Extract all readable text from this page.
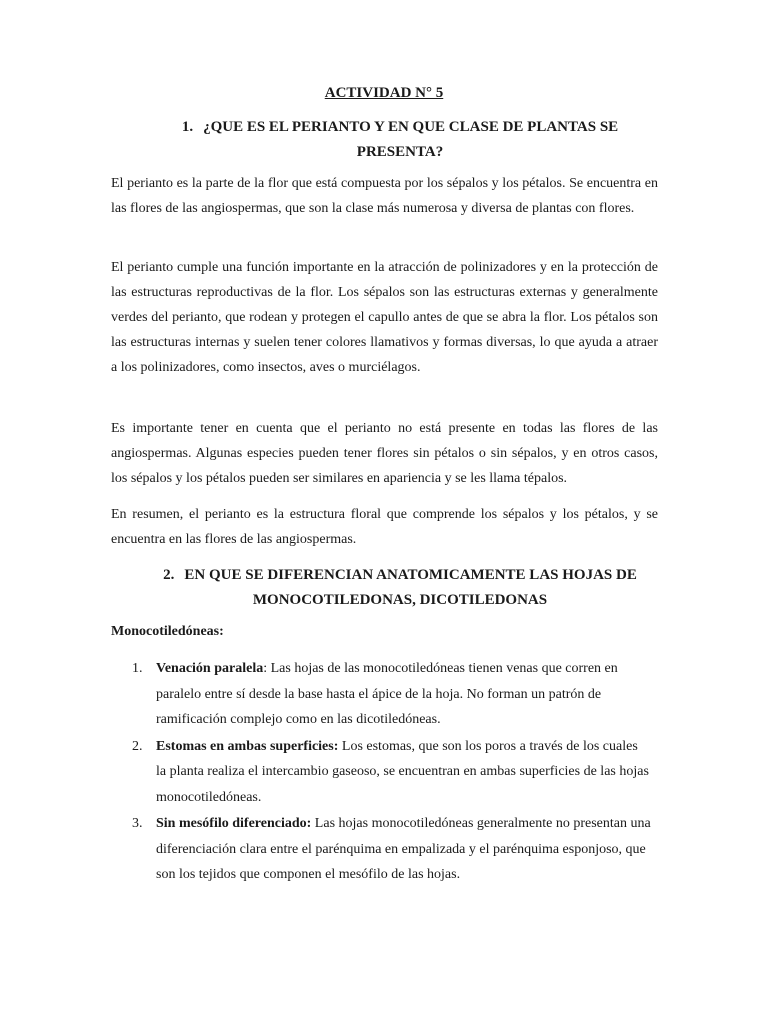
ACTIVIDAD N° 5
1. ¿QUE ES EL PERIANTO Y EN QUE CLASE DE PLANTAS SE PRESENTA?

El perianto es la parte de la flor que está compuesta por los sépalos y los pétalos. Se encuentra en las flores de las angiospermas, que son la clase más numerosa y diversa de plantas con flores.

El perianto cumple una función importante en la atracción de polinizadores y en la protección de las estructuras reproductivas de la flor. Los sépalos son las estructuras externas y generalmente verdes del perianto, que rodean y protegen el capullo antes de que se abra la flor. Los pétalos son las estructuras internas y suelen tener colores llamativos y formas diversas, lo que ayuda a atraer a los polinizadores, como insectos, aves o murciélagos.

Es importante tener en cuenta que el perianto no está presente en todas las flores de las angiospermas. Algunas especies pueden tener flores sin pétalos o sin sépalos, y en otros casos, los sépalos y los pétalos pueden ser similares en apariencia y se les llama tépalos.

En resumen, el perianto es la estructura floral que comprende los sépalos y los pétalos, y se encuentra en las flores de las angiospermas.

2. EN QUE SE DIFERENCIAN ANATOMICAMENTE LAS HOJAS DE MONOCOTILEDONAS, DICOTILEDONAS
Monocotiledóneas:
1. Venación paralela: Las hojas de las monocotiledóneas tienen venas que corren en paralelo entre sí desde la base hasta el ápice de la hoja. No forman un patrón de ramificación complejo como en las dicotiledóneas.
2. Estomas en ambas superficies: Los estomas, que son los poros a través de los cuales la planta realiza el intercambio gaseoso, se encuentran en ambas superficies de las hojas monocotiledóneas.
3. Sin mesófilo diferenciado: Las hojas monocotiledóneas generalmente no presentan una diferenciación clara entre el parénquima en empalizada y el parénquima esponjoso, que son los tejidos que componen el mesófilo de las hojas.
